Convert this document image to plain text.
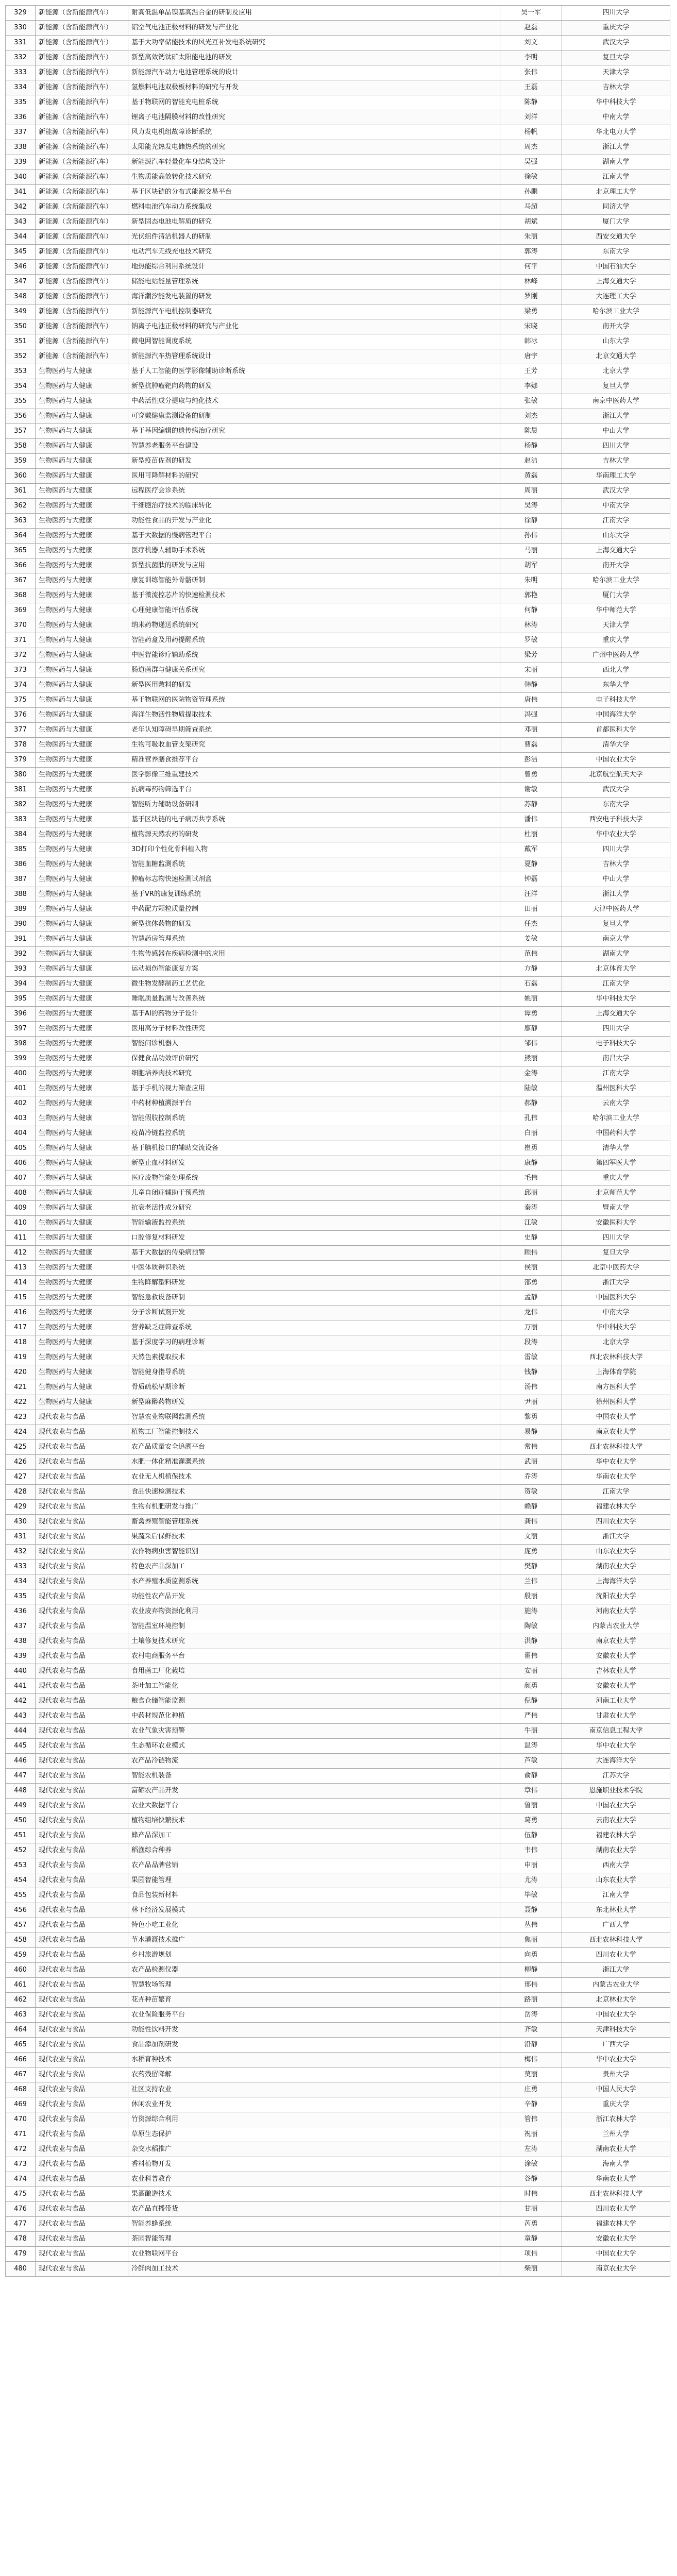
329	新能源（含新能源汽车）	耐高低温单晶镍基高温合金的研制及应用	吴一军	四川大学
330	新能源（含新能源汽车）	铝空气电池正极材料的研发与产业化	赵磊	重庆大学
331	新能源（含新能源汽车）	基于大功率储能技术的风光互补发电系统研究	刘文	武汉大学
332	新能源（含新能源汽车）	新型高效钙钛矿太阳能电池的研发	李明	复旦大学
333	新能源（含新能源汽车）	新能源汽车动力电池管理系统的设计	张伟	天津大学
334	新能源（含新能源汽车）	氢燃料电池双极板材料的研究与开发	王磊	吉林大学
335	新能源（含新能源汽车）	基于物联网的智能充电桩系统	陈静	华中科技大学
336	新能源（含新能源汽车）	锂离子电池隔膜材料的改性研究	刘洋	中南大学
337	新能源（含新能源汽车）	风力发电机组故障诊断系统	杨帆	华北电力大学
338	新能源（含新能源汽车）	太阳能光热发电储热系统的研究	周杰	浙江大学
339	新能源（含新能源汽车）	新能源汽车轻量化车身结构设计	吴强	湖南大学
340	新能源（含新能源汽车）	生物质能高效转化技术研究	徐敏	江南大学
341	新能源（含新能源汽车）	基于区块链的分布式能源交易平台	孙鹏	北京理工大学
342	新能源（含新能源汽车）	燃料电池汽车动力系统集成	马超	同济大学
343	新能源（含新能源汽车）	新型固态电池电解质的研究	胡斌	厦门大学
344	新能源（含新能源汽车）	光伏组件清洁机器人的研制	朱丽	西安交通大学
345	新能源（含新能源汽车）	电动汽车无线充电技术研究	郭涛	东南大学
346	新能源（含新能源汽车）	地热能综合利用系统设计	何平	中国石油大学
347	新能源（含新能源汽车）	储能电站能量管理系统	林峰	上海交通大学
348	新能源（含新能源汽车）	海洋潮汐能发电装置的研发	罗刚	大连理工大学
349	新能源（含新能源汽车）	新能源汽车电机控制器研究	梁勇	哈尔滨工业大学
350	新能源（含新能源汽车）	钠离子电池正极材料的研究与产业化	宋晓	南开大学
351	新能源（含新能源汽车）	微电网智能调度系统	韩冰	山东大学
352	新能源（含新能源汽车）	新能源汽车热管理系统设计	唐宇	北京交通大学
353	生物医药与大健康	基于人工智能的医学影像辅助诊断系统	王芳	北京大学
354	生物医药与大健康	新型抗肿瘤靶向药物的研发	李娜	复旦大学
355	生物医药与大健康	中药活性成分提取与纯化技术	张敏	南京中医药大学
356	生物医药与大健康	可穿戴健康监测设备的研制	刘杰	浙江大学
357	生物医药与大健康	基于基因编辑的遗传病治疗研究	陈晨	中山大学
358	生物医药与大健康	智慧养老服务平台建设	杨静	四川大学
359	生物医药与大健康	新型疫苗佐剂的研发	赵洁	吉林大学
360	生物医药与大健康	医用可降解材料的研究	黄磊	华南理工大学
361	生物医药与大健康	远程医疗会诊系统	周丽	武汉大学
362	生物医药与大健康	干细胞治疗技术的临床转化	吴涛	中南大学
363	生物医药与大健康	功能性食品的开发与产业化	徐静	江南大学
364	生物医药与大健康	基于大数据的慢病管理平台	孙伟	山东大学
365	生物医药与大健康	医疗机器人辅助手术系统	马丽	上海交通大学
366	生物医药与大健康	新型抗菌肽的研发与应用	胡军	南开大学
367	生物医药与大健康	康复训练智能外骨骼研制	朱明	哈尔滨工业大学
368	生物医药与大健康	基于微流控芯片的快速检测技术	郭艳	厦门大学
369	生物医药与大健康	心理健康智能评估系统	何静	华中师范大学
370	生物医药与大健康	纳米药物递送系统研究	林涛	天津大学
371	生物医药与大健康	智能药盒及用药提醒系统	罗敏	重庆大学
372	生物医药与大健康	中医智能诊疗辅助系统	梁芳	广州中医药大学
373	生物医药与大健康	肠道菌群与健康关系研究	宋丽	西北大学
374	生物医药与大健康	新型医用敷料的研发	韩静	东华大学
375	生物医药与大健康	基于物联网的医院物资管理系统	唐伟	电子科技大学
376	生物医药与大健康	海洋生物活性物质提取技术	冯强	中国海洋大学
377	生物医药与大健康	老年认知障碍早期筛查系统	邓丽	首都医科大学
378	生物医药与大健康	生物可吸收血管支架研究	曹磊	清华大学
379	生物医药与大健康	精准营养膳食推荐平台	彭洁	中国农业大学
380	生物医药与大健康	医学影像三维重建技术	曾勇	北京航空航天大学
381	生物医药与大健康	抗病毒药物筛选平台	谢敏	武汉大学
382	生物医药与大健康	智能听力辅助设备研制	苏静	东南大学
383	生物医药与大健康	基于区块链的电子病历共享系统	潘伟	西安电子科技大学
384	生物医药与大健康	植物源天然农药的研发	杜丽	华中农业大学
385	生物医药与大健康	3D打印个性化骨科植入物	戴军	四川大学
386	生物医药与大健康	智能血糖监测系统	夏静	吉林大学
387	生物医药与大健康	肿瘤标志物快速检测试剂盒	钟磊	中山大学
388	生物医药与大健康	基于VR的康复训练系统	汪洋	浙江大学
389	生物医药与大健康	中药配方颗粒质量控制	田丽	天津中医药大学
390	生物医药与大健康	新型抗体药物的研发	任杰	复旦大学
391	生物医药与大健康	智慧药房管理系统	姜敏	南京大学
392	生物医药与大健康	生物传感器在疾病检测中的应用	范伟	湖南大学
393	生物医药与大健康	运动损伤智能康复方案	方静	北京体育大学
394	生物医药与大健康	微生物发酵制药工艺优化	石磊	江南大学
395	生物医药与大健康	睡眠质量监测与改善系统	姚丽	华中科技大学
396	生物医药与大健康	基于AI的药物分子设计	谭勇	上海交通大学
397	生物医药与大健康	医用高分子材料改性研究	廖静	四川大学
398	生物医药与大健康	智能问诊机器人	邹伟	电子科技大学
399	生物医药与大健康	保健食品功效评价研究	熊丽	南昌大学
400	生物医药与大健康	细胞培养肉技术研究	金涛	江南大学
401	生物医药与大健康	基于手机的视力筛查应用	陆敏	温州医科大学
402	生物医药与大健康	中药材种植溯源平台	郝静	云南大学
403	生物医药与大健康	智能假肢控制系统	孔伟	哈尔滨工业大学
404	生物医药与大健康	疫苗冷链监控系统	白丽	中国药科大学
405	生物医药与大健康	基于脑机接口的辅助交流设备	崔勇	清华大学
406	生物医药与大健康	新型止血材料研发	康静	第四军医大学
407	生物医药与大健康	医疗废物智能处理系统	毛伟	重庆大学
408	生物医药与大健康	儿童自闭症辅助干预系统	邱丽	北京师范大学
409	生物医药与大健康	抗衰老活性成分研究	秦涛	暨南大学
410	生物医药与大健康	智能输液监控系统	江敏	安徽医科大学
411	生物医药与大健康	口腔修复材料研发	史静	四川大学
412	生物医药与大健康	基于大数据的传染病预警	顾伟	复旦大学
413	生物医药与大健康	中医体质辨识系统	侯丽	北京中医药大学
414	生物医药与大健康	生物降解塑料研发	邵勇	浙江大学
415	生物医药与大健康	智能急救设备研制	孟静	中国医科大学
416	生物医药与大健康	分子诊断试剂开发	龙伟	中南大学
417	生物医药与大健康	营养缺乏症筛查系统	万丽	华中科技大学
418	生物医药与大健康	基于深度学习的病理诊断	段涛	北京大学
419	生物医药与大健康	天然色素提取技术	雷敏	西北农林科技大学
420	生物医药与大健康	智能健身指导系统	钱静	上海体育学院
421	生物医药与大健康	骨质疏松早期诊断	汤伟	南方医科大学
422	生物医药与大健康	新型麻醉药物研发	尹丽	徐州医科大学
423	现代农业与食品	智慧农业物联网监测系统	黎勇	中国农业大学
424	现代农业与食品	植物工厂智能控制技术	易静	南京农业大学
425	现代农业与食品	农产品质量安全追溯平台	常伟	西北农林科技大学
426	现代农业与食品	水肥一体化精准灌溉系统	武丽	华中农业大学
427	现代农业与食品	农业无人机植保技术	乔涛	华南农业大学
428	现代农业与食品	食品快速检测技术	贺敏	江南大学
429	现代农业与食品	生物有机肥研发与推广	赖静	福建农林大学
430	现代农业与食品	畜禽养殖智能管理系统	龚伟	四川农业大学
431	现代农业与食品	果蔬采后保鲜技术	文丽	浙江大学
432	现代农业与食品	农作物病虫害智能识别	庞勇	山东农业大学
433	现代农业与食品	特色农产品深加工	樊静	湖南农业大学
434	现代农业与食品	水产养殖水质监测系统	兰伟	上海海洋大学
435	现代农业与食品	功能性农产品开发	殷丽	沈阳农业大学
436	现代农业与食品	农业废弃物资源化利用	施涛	河南农业大学
437	现代农业与食品	智能温室环境控制	陶敏	内蒙古农业大学
438	现代农业与食品	土壤修复技术研究	洪静	南京农业大学
439	现代农业与食品	农村电商服务平台	翟伟	安徽农业大学
440	现代农业与食品	食用菌工厂化栽培	安丽	吉林农业大学
441	现代农业与食品	茶叶加工智能化	颜勇	安徽农业大学
442	现代农业与食品	粮食仓储智能监测	倪静	河南工业大学
443	现代农业与食品	中药材规范化种植	严伟	甘肃农业大学
444	现代农业与食品	农业气象灾害预警	牛丽	南京信息工程大学
445	现代农业与食品	生态循环农业模式	温涛	华中农业大学
446	现代农业与食品	农产品冷链物流	芦敏	大连海洋大学
447	现代农业与食品	智能农机装备	俞静	江苏大学
448	现代农业与食品	富硒农产品开发	章伟	恩施职业技术学院
449	现代农业与食品	农业大数据平台	鲁丽	中国农业大学
450	现代农业与食品	植物组培快繁技术	葛勇	云南农业大学
451	现代农业与食品	蜂产品深加工	伍静	福建农林大学
452	现代农业与食品	稻渔综合种养	韦伟	湖南农业大学
453	现代农业与食品	农产品品牌营销	申丽	西南大学
454	现代农业与食品	果园智能管理	尤涛	山东农业大学
455	现代农业与食品	食品包装新材料	毕敏	江南大学
456	现代农业与食品	林下经济发展模式	聂静	东北林业大学
457	现代农业与食品	特色小吃工业化	丛伟	广西大学
458	现代农业与食品	节水灌溉技术推广	焦丽	西北农林科技大学
459	现代农业与食品	乡村旅游规划	向勇	四川农业大学
460	现代农业与食品	农产品检测仪器	柳静	浙江大学
461	现代农业与食品	智慧牧场管理	邢伟	内蒙古农业大学
462	现代农业与食品	花卉种苗繁育	路丽	北京林业大学
463	现代农业与食品	农业保险服务平台	岳涛	中国农业大学
464	现代农业与食品	功能性饮料开发	齐敏	天津科技大学
465	现代农业与食品	食品添加剂研发	沿静	广西大学
466	现代农业与食品	水稻育种技术	梅伟	华中农业大学
467	现代农业与食品	农药残留降解	莫丽	贵州大学
468	现代农业与食品	社区支持农业	庄勇	中国人民大学
469	现代农业与食品	休闲农业开发	辛静	重庆大学
470	现代农业与食品	竹资源综合利用	管伟	浙江农林大学
471	现代农业与食品	草原生态保护	祝丽	兰州大学
472	现代农业与食品	杂交水稻推广	左涛	湖南农业大学
473	现代农业与食品	香料植物开发	涂敏	海南大学
474	现代农业与食品	农业科普教育	谷静	华南农业大学
475	现代农业与食品	果酒酿造技术	时伟	西北农林科技大学
476	现代农业与食品	农产品直播带货	甘丽	四川农业大学
477	现代农业与食品	智能养蜂系统	芮勇	福建农林大学
478	现代农业与食品	茶园智能管理	童静	安徽农业大学
479	现代农业与食品	农业物联网平台	项伟	中国农业大学
480	现代农业与食品	冷鲜肉加工技术	柴丽	南京农业大学
